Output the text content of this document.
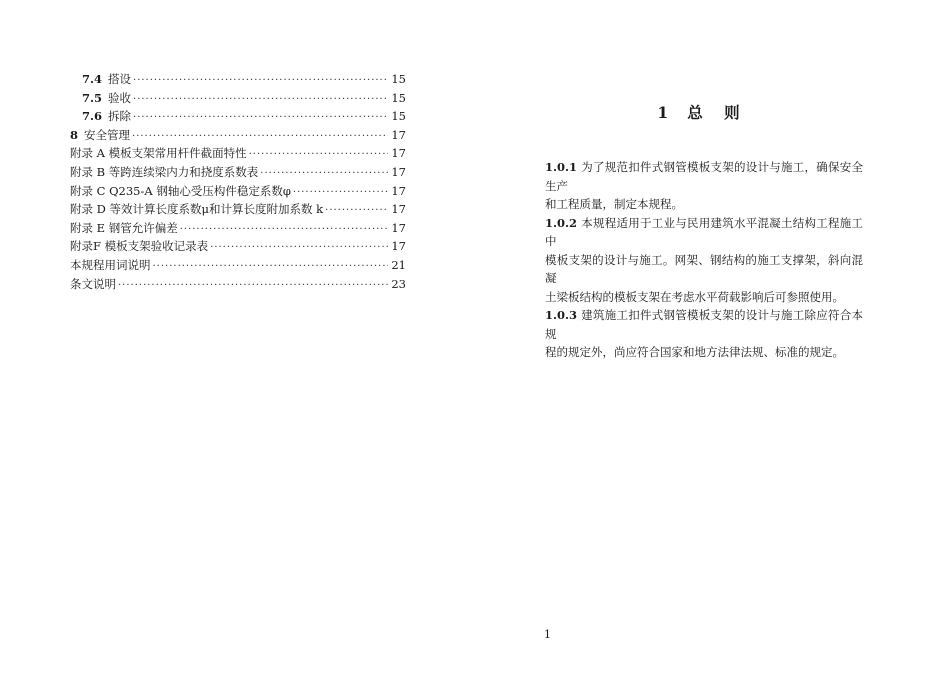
7.4 搭设 ·····	15
7.5 验收 ·····	15
7.6 拆除 ·····	15
8 安全管理 ·····	17
附录 A 模板支架常用杆件截面特性 ·····	17
附录 B 等跨连续梁内力和挠度系数表 ·····	17
附录 C Q235-A 钢轴心受压构件稳定系数φ ·····	17
附录 D 等效计算长度系数μ和计算长度附加系数 k ·····	17
附录 E 钢管允许偏差 ·····	17
附录F 模板支架验收记录表 ·····	17
本规程用词说明 ·····	21
条文说明 ·····	23
1 总 则

1.0.1 为了规范扣件式钢管模板支架的设计与施工，确保安全生产
和工程质量，制定本规程。

1.0.2 本规程适用于工业与民用建筑水平混凝土结构工程施工中
模板支架的设计与施工。网架、钢结构的施工支撑架，斜向混凝
土梁板结构的模板支架在考虑水平荷载影响后可参照使用。

1.0.3 建筑施工扣件式钢管模板支架的设计与施工除应符合本规
程的规定外，尚应符合国家和地方法律法规、标准的规定。

1
